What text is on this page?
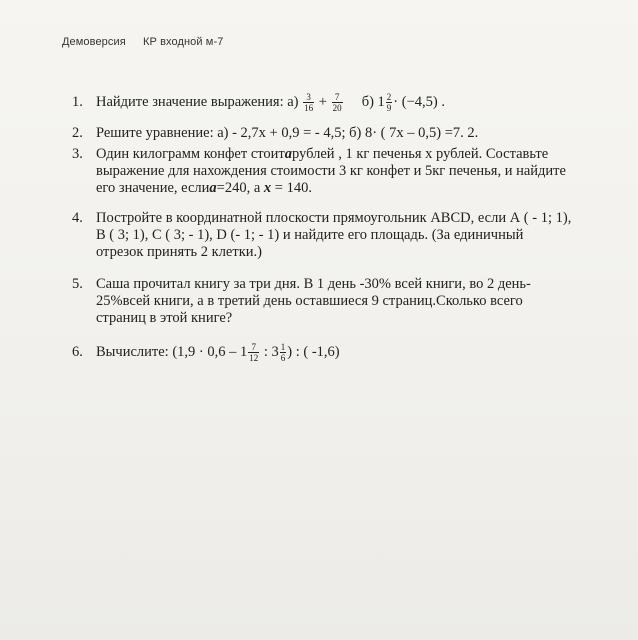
Демоверсия КР входной м-7
1. Найдите значение выражения: $а) \frac{3}{16} + \frac{7}{20} б$) $1 \frac{2}{9} \cdot (-4,5)$ .
2. Решите уравнение: а) - 2,7х + 0,9 = - 4,5; б) 8· ( 7х – 0,5) =7. 2.
3. Один килограмм конфет стоитарублей , 1 кг печенья х рублей. Составьте
выражение для нахождения стоимости 3 кг конфет и 5кг печенья, и найдите
его значение, еслиа=240, а х = 140.
4. Постройте в координатной плоскости прямоугольник ABCD, если А ( - 1; 1),
В ( 3; 1), С ( 3; - 1), D (- 1; - 1) и найдите его площадь. (За единичный
отрезок принять 2 клетки.)
5. Саша прочитал книгу за три дня. В 1 день -30% всей книги, во 2 день-
25%всей книги, а в третий день оставшиеся 9 страниц.Сколько всего
страниц в этой книге?
6. Вычислите: ($1,9 \cdot 0,6 - 1 \frac{7}{12}$ : $3 \frac{1}{6}$ ) : ( -1,6)
